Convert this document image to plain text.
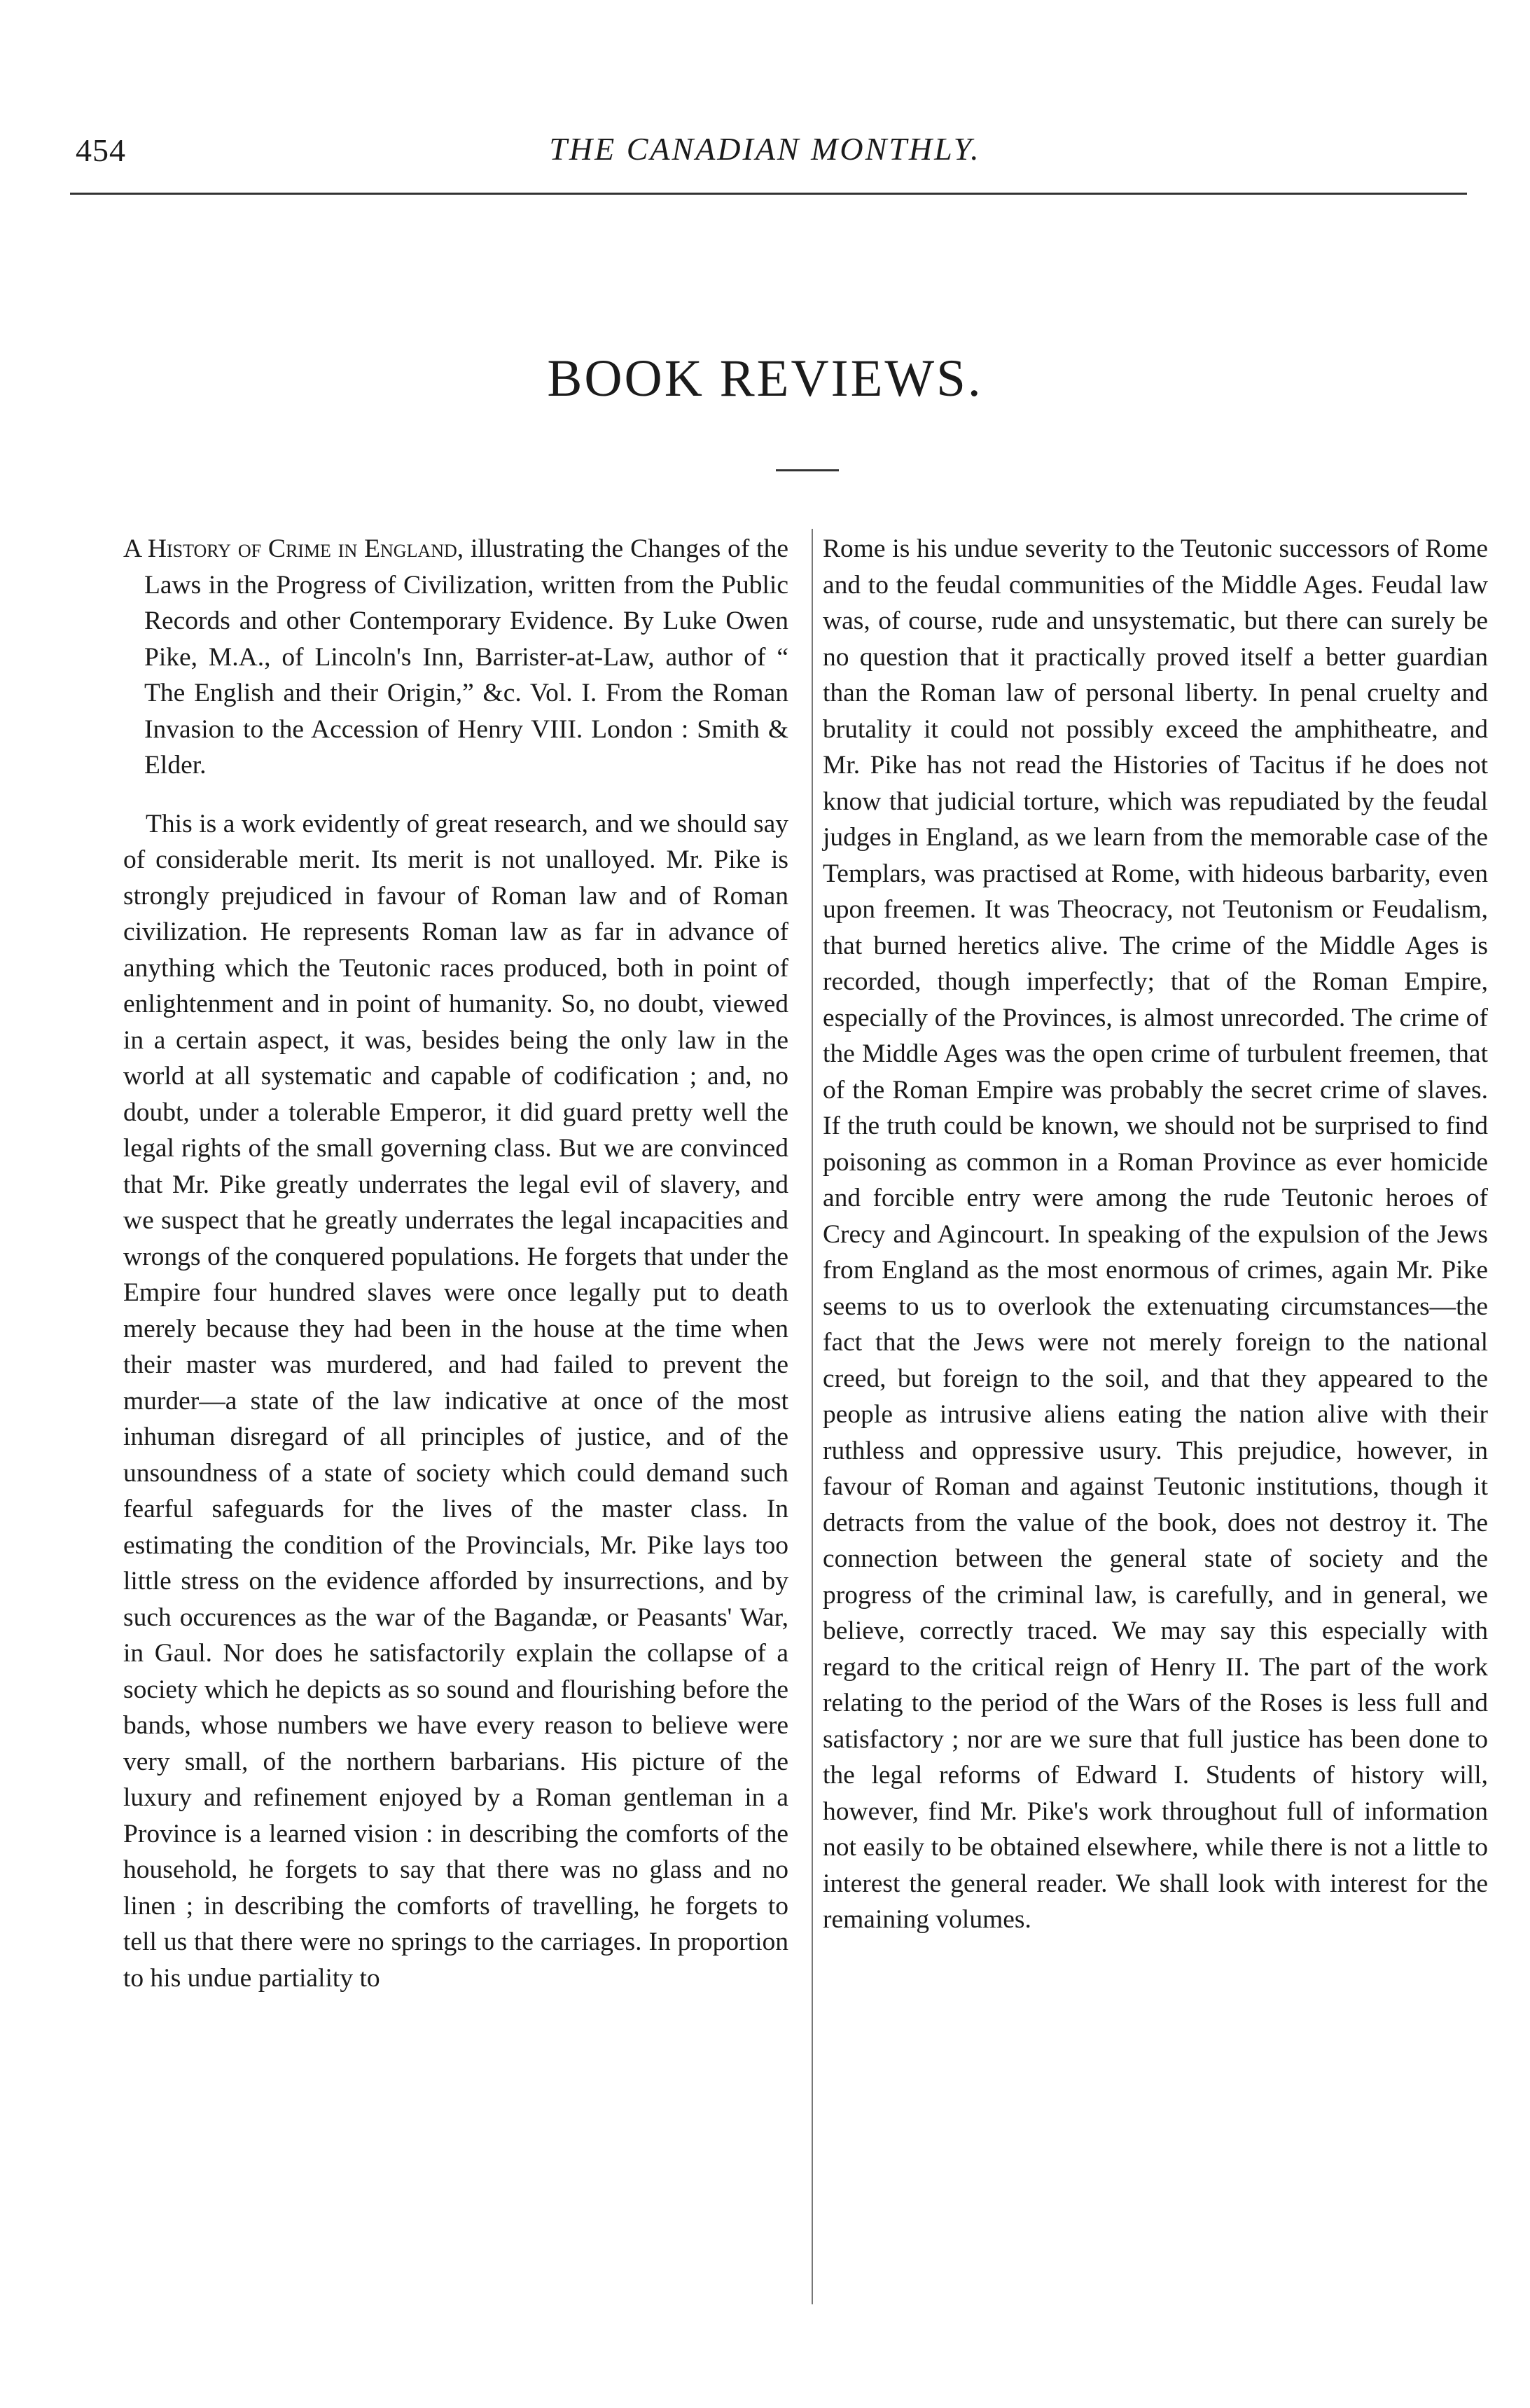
454	THE CANADIAN MONTHLY.
BOOK REVIEWS.

A History of Crime in England, illustrating the Changes of the Laws in the Progress of Civilization, written from the Public Records and other Contemporary Evidence. By Luke Owen Pike, M.A., of Lincoln's Inn, Barrister-at-Law, author of “ The English and their Origin,” &c. Vol. I. From the Roman Invasion to the Accession of Henry VIII. London : Smith & Elder.

This is a work evidently of great research, and we should say of considerable merit. Its merit is not unalloyed. Mr. Pike is strongly prejudiced in favour of Roman law and of Roman civilization. He represents Roman law as far in advance of anything which the Teutonic races produced, both in point of enlightenment and in point of humanity. So, no doubt, viewed in a certain aspect, it was, besides being the only law in the world at all systematic and capable of codification ; and, no doubt, under a tolerable Emperor, it did guard pretty well the legal rights of the small governing class. But we are convinced that Mr. Pike greatly underrates the legal evil of slavery, and we suspect that he greatly underrates the legal incapacities and wrongs of the conquered populations. He forgets that under the Empire four hundred slaves were once legally put to death merely because they had been in the house at the time when their master was murdered, and had failed to prevent the murder—a state of the law indicative at once of the most inhuman disregard of all principles of justice, and of the unsoundness of a state of society which could demand such fearful safeguards for the lives of the master class. In estimating the condition of the Provincials, Mr. Pike lays too little stress on the evidence afforded by insurrections, and by such occurences as the war of the Bagandæ, or Peasants' War, in Gaul. Nor does he satisfactorily explain the collapse of a society which he depicts as so sound and flourishing before the bands, whose numbers we have every reason to believe were very small, of the northern barbarians. His picture of the luxury and refinement enjoyed by a Roman gentleman in a Province is a learned vision : in describing the comforts of the household, he forgets to say that there was no glass and no linen ; in describing the comforts of travelling, he forgets to tell us that there were no springs to the carriages. In proportion to his undue partiality to

Rome is his undue severity to the Teutonic successors of Rome and to the feudal communities of the Middle Ages. Feudal law was, of course, rude and unsystematic, but there can surely be no question that it practically proved itself a better guardian than the Roman law of personal liberty. In penal cruelty and brutality it could not possibly exceed the amphitheatre, and Mr. Pike has not read the Histories of Tacitus if he does not know that judicial torture, which was repudiated by the feudal judges in England, as we learn from the memorable case of the Templars, was practised at Rome, with hideous barbarity, even upon freemen. It was Theocracy, not Teutonism or Feudalism, that burned heretics alive. The crime of the Middle Ages is recorded, though imperfectly; that of the Roman Empire, especially of the Provinces, is almost unrecorded. The crime of the Middle Ages was the open crime of turbulent freemen, that of the Roman Empire was probably the secret crime of slaves. If the truth could be known, we should not be surprised to find poisoning as common in a Roman Province as ever homicide and forcible entry were among the rude Teutonic heroes of Crecy and Agincourt. In speaking of the expulsion of the Jews from England as the most enormous of crimes, again Mr. Pike seems to us to overlook the extenuating circumstances—the fact that the Jews were not merely foreign to the national creed, but foreign to the soil, and that they appeared to the people as intrusive aliens eating the nation alive with their ruthless and oppressive usury. This prejudice, however, in favour of Roman and against Teutonic institutions, though it detracts from the value of the book, does not destroy it. The connection between the general state of society and the progress of the criminal law, is carefully, and in general, we believe, correctly traced. We may say this especially with regard to the critical reign of Henry II. The part of the work relating to the period of the Wars of the Roses is less full and satisfactory ; nor are we sure that full justice has been done to the legal reforms of Edward I. Students of history will, however, find Mr. Pike's work throughout full of information not easily to be obtained elsewhere, while there is not a little to interest the general reader. We shall look with interest for the remaining volumes.
